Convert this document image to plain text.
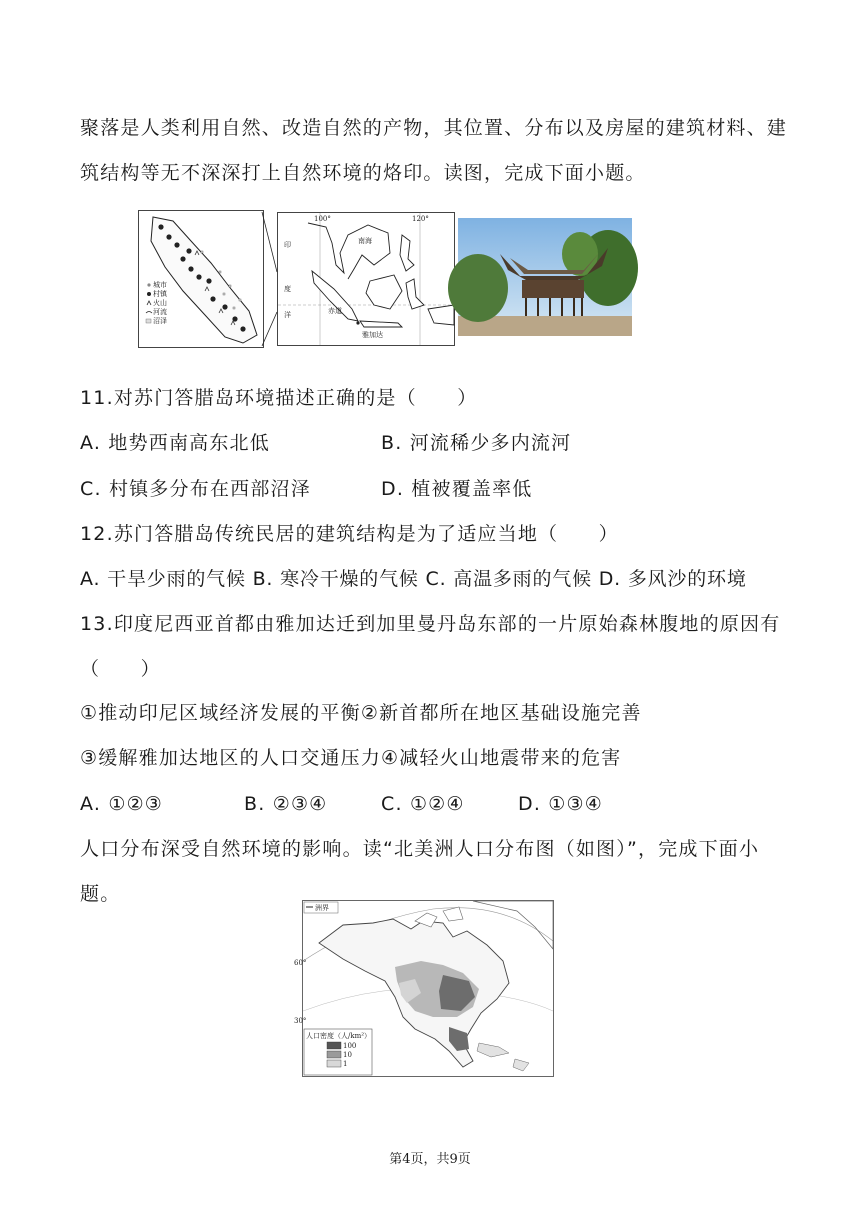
聚落是人类利用自然、改造自然的产物，其位置、分布以及房屋的建筑材料、建
筑结构等无不深深打上自然环境的烙印。读图，完成下面小题。
城市
村镇
火山
河流
沼泽
100°	120°
南海
印
度
洋
雅加达
赤道
11.对苏门答腊岛环境描述正确的是（　　）
A. 地势西南高东北低	B. 河流稀少多内流河
C. 村镇多分布在西部沼泽	D. 植被覆盖率低
12.苏门答腊岛传统民居的建筑结构是为了适应当地（　　）
A. 干旱少雨的气候 B. 寒冷干燥的气候 C. 高温多雨的气候 D. 多风沙的环境
13.印度尼西亚首都由雅加达迁到加里曼丹岛东部的一片原始森林腹地的原因有
（　　）
①推动印尼区域经济发展的平衡②新首都所在地区基础设施完善
③缓解雅加达地区的人口交通压力④减轻火山地震带来的危害
A. ①②③	B. ②③④	C. ①②④	D. ①③④
人口分布深受自然环境的影响。读“北美洲人口分布图（如图）”，完成下面小
题。
60°
30°
洲界
人口密度（人/km²）
100
10
1
第4页，共9页
